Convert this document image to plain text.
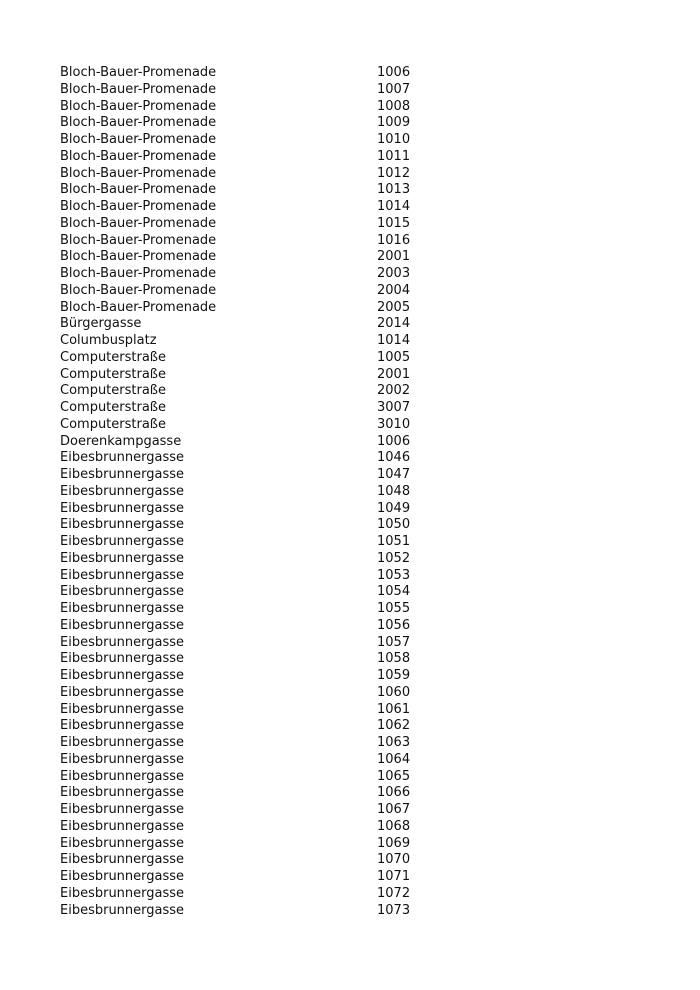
Bloch-Bauer-Promenade	1006
Bloch-Bauer-Promenade	1007
Bloch-Bauer-Promenade	1008
Bloch-Bauer-Promenade	1009
Bloch-Bauer-Promenade	1010
Bloch-Bauer-Promenade	1011
Bloch-Bauer-Promenade	1012
Bloch-Bauer-Promenade	1013
Bloch-Bauer-Promenade	1014
Bloch-Bauer-Promenade	1015
Bloch-Bauer-Promenade	1016
Bloch-Bauer-Promenade	2001
Bloch-Bauer-Promenade	2003
Bloch-Bauer-Promenade	2004
Bloch-Bauer-Promenade	2005
Bürgergasse	2014
Columbusplatz	1014
Computerstraße	1005
Computerstraße	2001
Computerstraße	2002
Computerstraße	3007
Computerstraße	3010
Doerenkampgasse	1006
Eibesbrunnergasse	1046
Eibesbrunnergasse	1047
Eibesbrunnergasse	1048
Eibesbrunnergasse	1049
Eibesbrunnergasse	1050
Eibesbrunnergasse	1051
Eibesbrunnergasse	1052
Eibesbrunnergasse	1053
Eibesbrunnergasse	1054
Eibesbrunnergasse	1055
Eibesbrunnergasse	1056
Eibesbrunnergasse	1057
Eibesbrunnergasse	1058
Eibesbrunnergasse	1059
Eibesbrunnergasse	1060
Eibesbrunnergasse	1061
Eibesbrunnergasse	1062
Eibesbrunnergasse	1063
Eibesbrunnergasse	1064
Eibesbrunnergasse	1065
Eibesbrunnergasse	1066
Eibesbrunnergasse	1067
Eibesbrunnergasse	1068
Eibesbrunnergasse	1069
Eibesbrunnergasse	1070
Eibesbrunnergasse	1071
Eibesbrunnergasse	1072
Eibesbrunnergasse	1073
